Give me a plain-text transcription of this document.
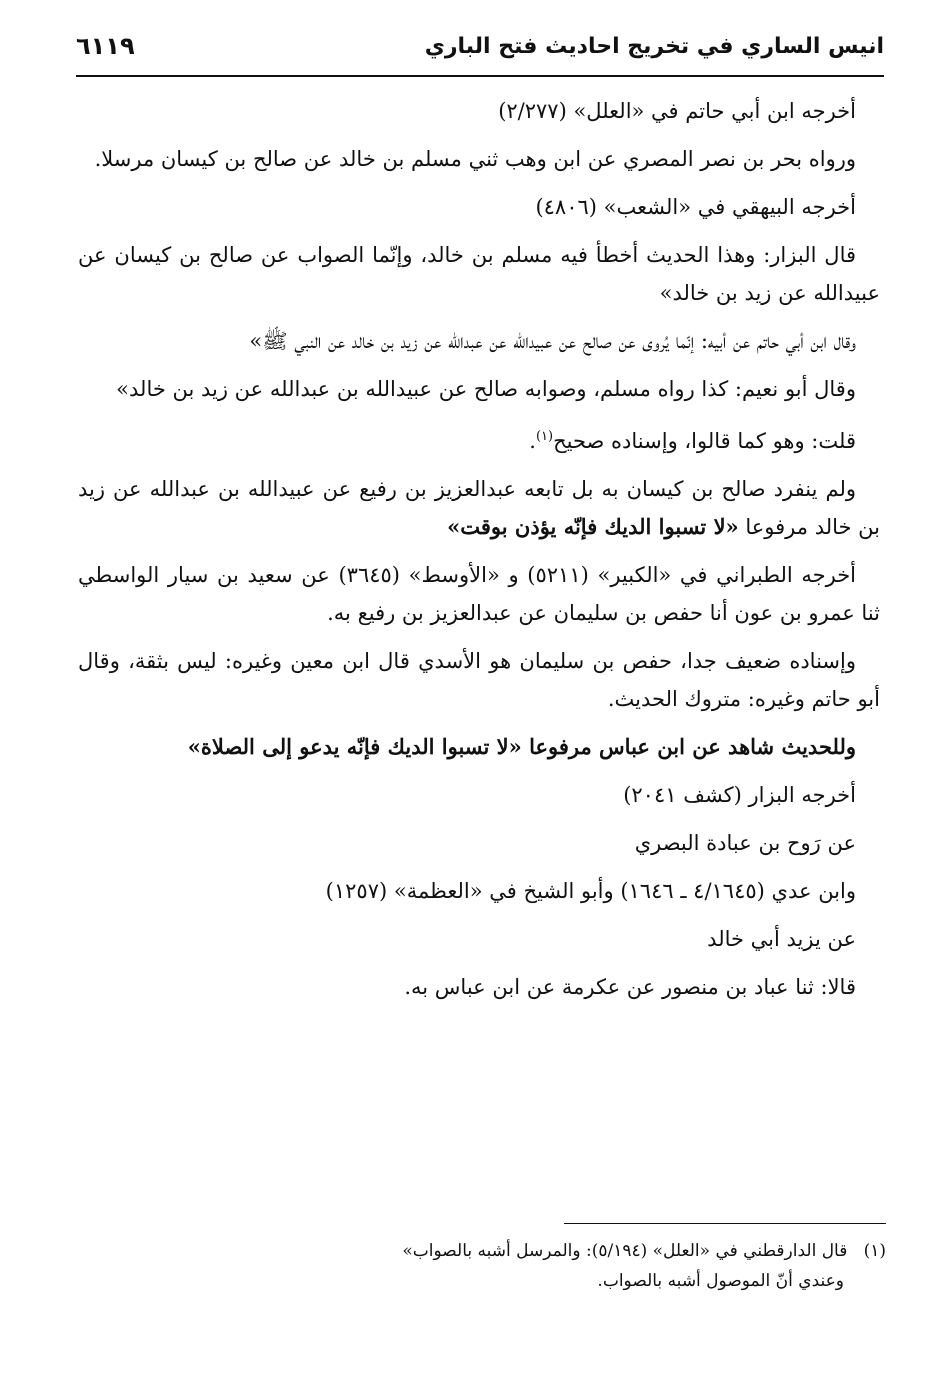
انيس الساري في تخريج احاديث فتح الباري
٦١١٩

أخرجه ابن أبي حاتم في «العلل» (٢/٢٧٧)

ورواه بحر بن نصر المصري عن ابن وهب ثني مسلم بن خالد عن صالح بن كيسان مرسلا.

أخرجه البيهقي في «الشعب» (٤٨٠٦)

قال البزار: وهذا الحديث أخطأ فيه مسلم بن خالد، وإنّما الصواب عن صالح بن كيسان عن عبيدالله عن زيد بن خالد»

وقال ابن أبي حاتم عن أبيه: إنّما يُروى عن صالح عن عبيدالله عن عبدالله عن زيد بن خالد عن النبي ﷺ»

وقال أبو نعيم: كذا رواه مسلم، وصوابه صالح عن عبيدالله بن عبدالله عن زيد بن خالد»

قلت: وهو كما قالوا، وإسناده صحيح$^{(١)}$.

ولم ينفرد صالح بن كيسان به بل تابعه عبدالعزيز بن رفيع عن عبيدالله بن عبدالله عن زيد بن خالد مرفوعا «لا تسبوا الديك فإنّه يؤذن بوقت»

أخرجه الطبراني في «الكبير» (٥٢١١) و «الأوسط» (٣٦٤٥) عن سعيد بن سيار الواسطي ثنا عمرو بن عون أنا حفص بن سليمان عن عبدالعزيز بن رفيع به.

وإسناده ضعيف جدا، حفص بن سليمان هو الأسدي قال ابن معين وغيره: ليس بثقة، وقال أبو حاتم وغيره: متروك الحديث.

وللحديث شاهد عن ابن عباس مرفوعا «لا تسبوا الديك فإنّه يدعو إلى الصلاة»

أخرجه البزار (كشف ٢٠٤١)

عن رَوح بن عبادة البصري

وابن عدي (٤/١٦٤٥ ـ ١٦٤٦) وأبو الشيخ في «العظمة» (١٢٥٧)

عن يزيد أبي خالد

قالا: ثنا عباد بن منصور عن عكرمة عن ابن عباس به.

(١)   قال الدارقطني في «العلل» (٥/١٩٤): والمرسل أشبه بالصواب»

وعندي أنّ الموصول أشبه بالصواب.
